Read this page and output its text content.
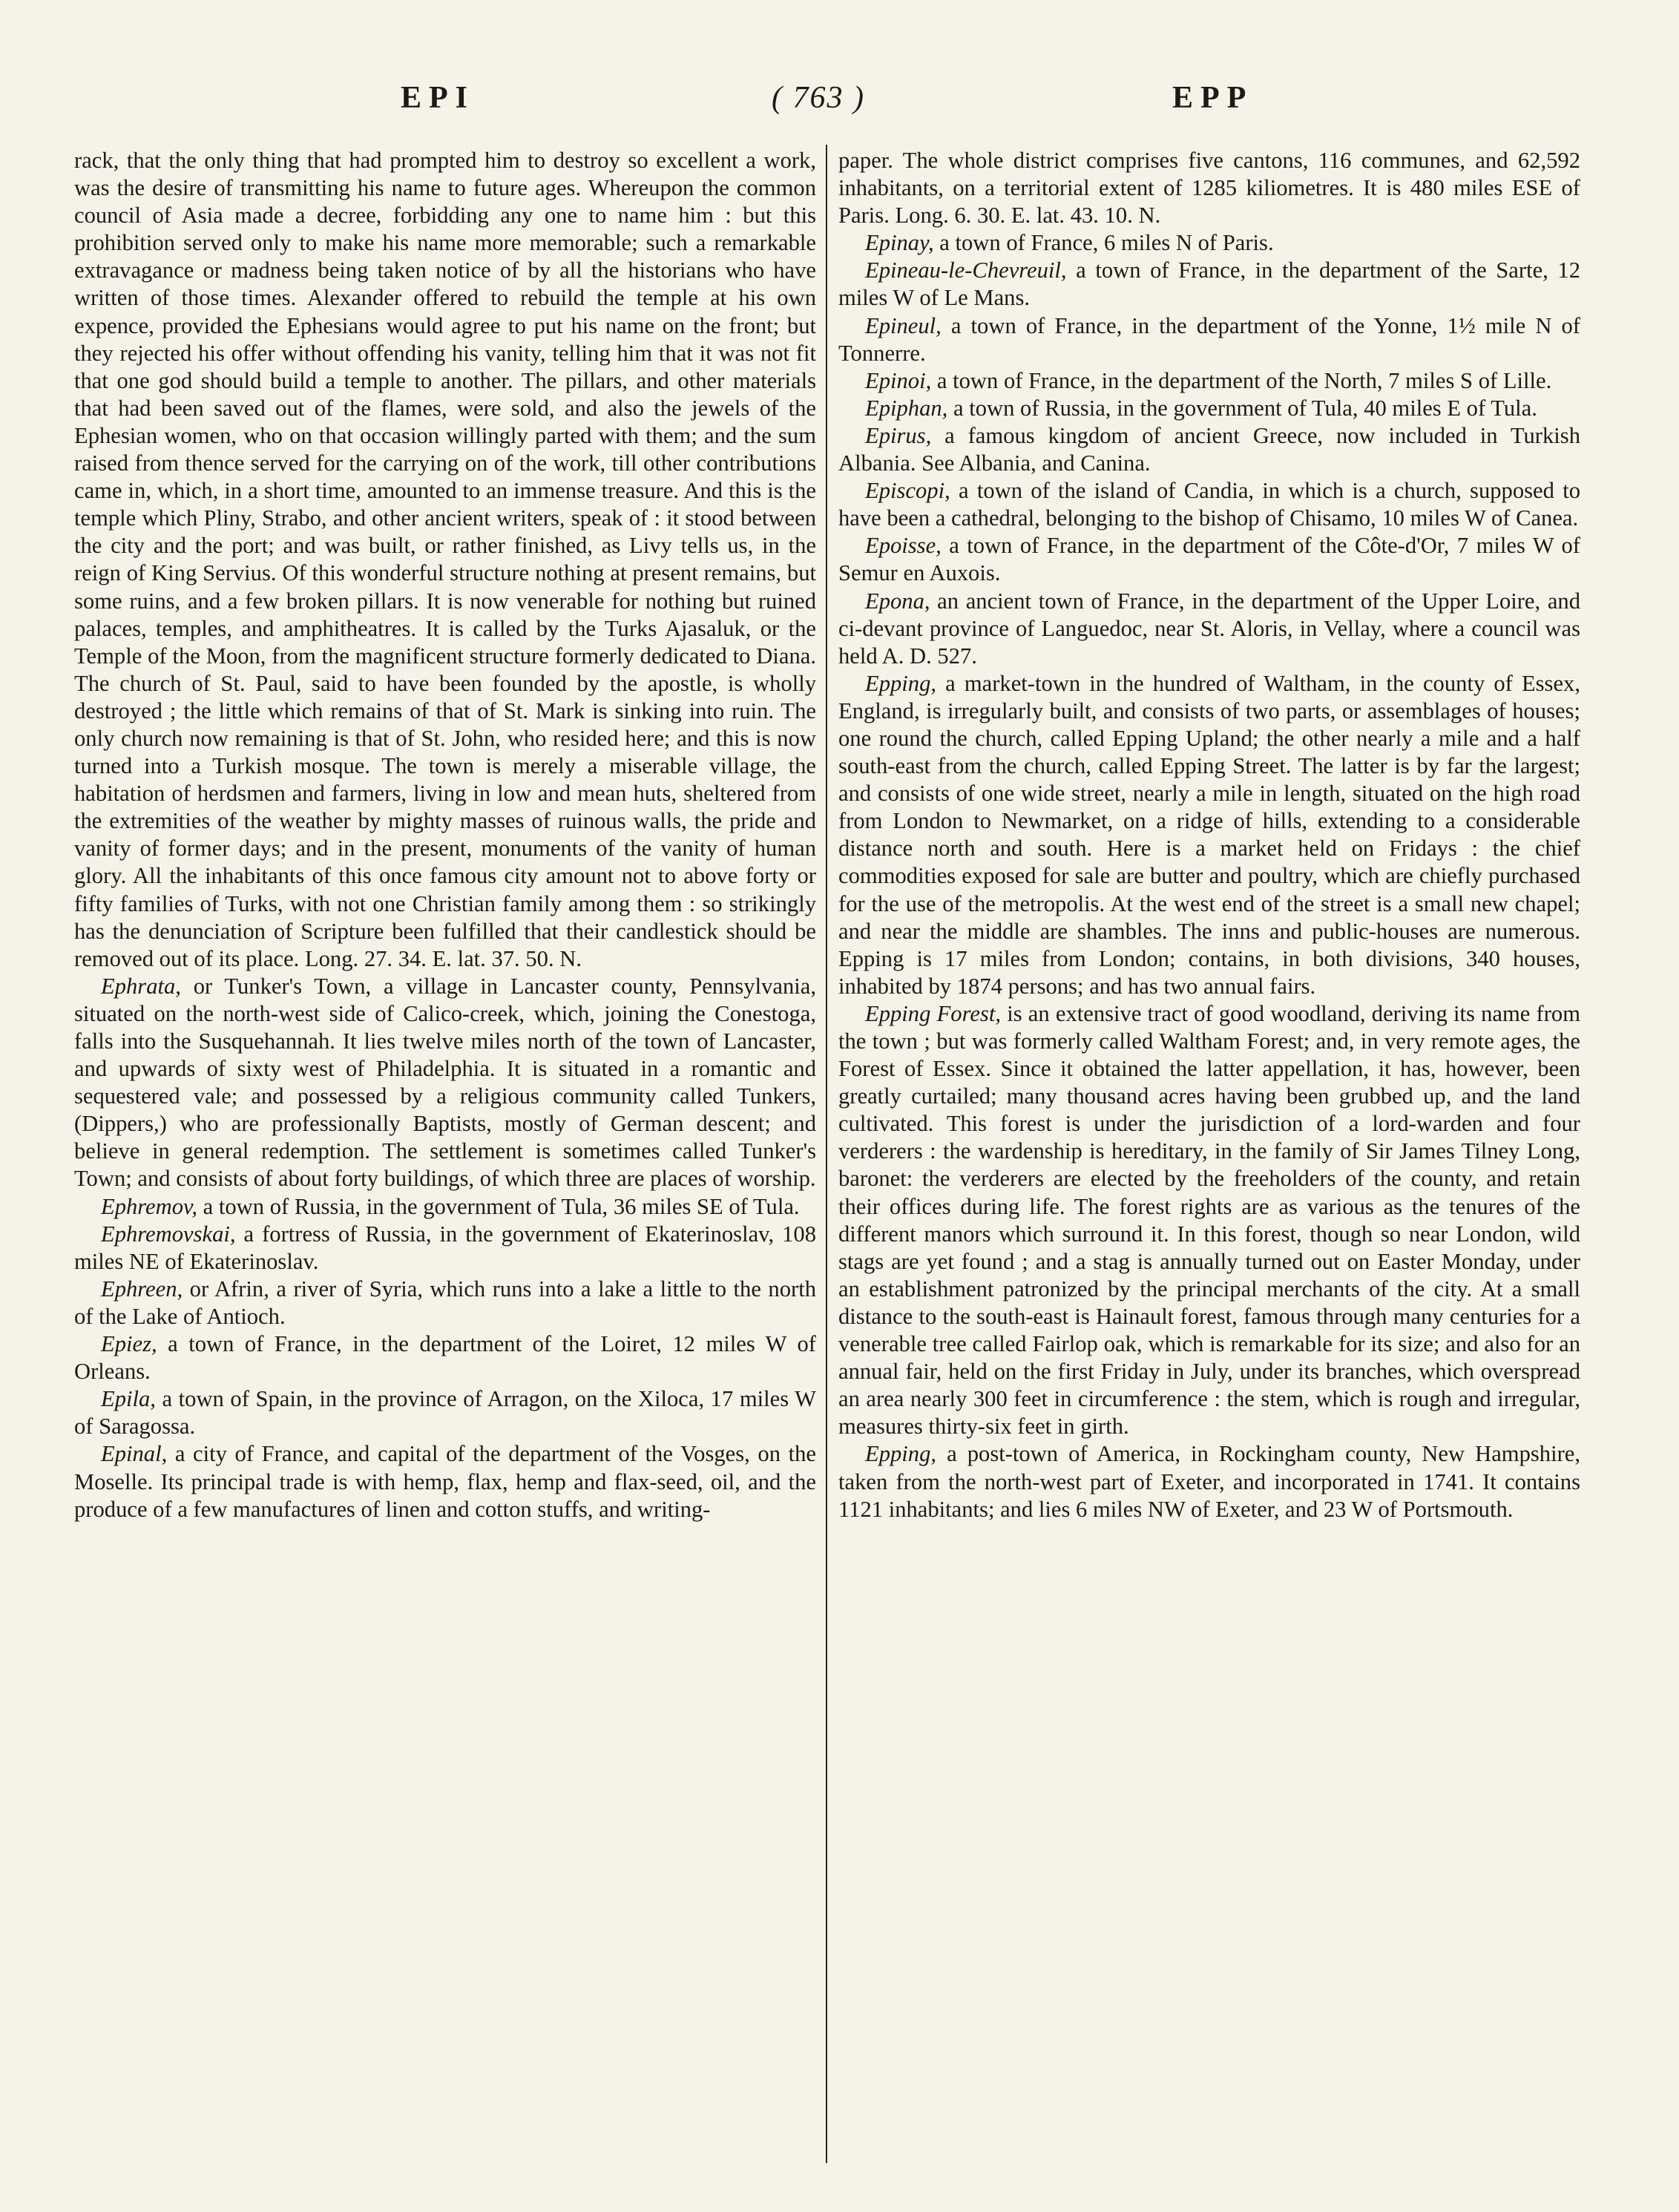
EPI	( 763 )	EPP

rack, that the only thing that had prompted him to destroy so excellent a work, was the desire of transmitting his name to future ages. Whereupon the common council of Asia made a decree, forbidding any one to name him : but this prohibition served only to make his name more memorable; such a remarkable extravagance or madness being taken notice of by all the historians who have written of those times. Alexander offered to rebuild the temple at his own expence, provided the Ephesians would agree to put his name on the front; but they rejected his offer without offending his vanity, telling him that it was not fit that one god should build a temple to another. The pillars, and other materials that had been saved out of the flames, were sold, and also the jewels of the Ephesian women, who on that occasion willingly parted with them; and the sum raised from thence served for the carrying on of the work, till other contributions came in, which, in a short time, amounted to an immense treasure. And this is the temple which Pliny, Strabo, and other ancient writers, speak of : it stood between the city and the port; and was built, or rather finished, as Livy tells us, in the reign of King Servius. Of this wonderful structure nothing at present remains, but some ruins, and a few broken pillars. It is now venerable for nothing but ruined palaces, temples, and amphitheatres. It is called by the Turks Ajasaluk, or the Temple of the Moon, from the magnificent structure formerly dedicated to Diana. The church of St. Paul, said to have been founded by the apostle, is wholly destroyed ; the little which remains of that of St. Mark is sinking into ruin. The only church now remaining is that of St. John, who resided here; and this is now turned into a Turkish mosque. The town is merely a miserable village, the habitation of herdsmen and farmers, living in low and mean huts, sheltered from the extremities of the weather by mighty masses of ruinous walls, the pride and vanity of former days; and in the present, monuments of the vanity of human glory. All the inhabitants of this once famous city amount not to above forty or fifty families of Turks, with not one Christian family among them : so strikingly has the denunciation of Scripture been fulfilled that their candlestick should be removed out of its place. Long. 27. 34. E. lat. 37. 50. N.

Ephrata, or Tunker's Town, a village in Lancaster county, Pennsylvania, situated on the north-west side of Calico-creek, which, joining the Conestoga, falls into the Susquehannah. It lies twelve miles north of the town of Lancaster, and upwards of sixty west of Philadelphia. It is situated in a romantic and sequestered vale; and possessed by a religious community called Tunkers, (Dippers,) who are professionally Baptists, mostly of German descent; and believe in general redemption. The settlement is sometimes called Tunker's Town; and consists of about forty buildings, of which three are places of worship.

Ephremov, a town of Russia, in the government of Tula, 36 miles SE of Tula.

Ephremovskai, a fortress of Russia, in the government of Ekaterinoslav, 108 miles NE of Ekaterinoslav.

Ephreen, or Afrin, a river of Syria, which runs into a lake a little to the north of the Lake of Antioch.

Epiez, a town of France, in the department of the Loiret, 12 miles W of Orleans.

Epila, a town of Spain, in the province of Arragon, on the Xiloca, 17 miles W of Saragossa.

Epinal, a city of France, and capital of the department of the Vosges, on the Moselle. Its principal trade is with hemp, flax, hemp and flax-seed, oil, and the produce of a few manufactures of linen and cotton stuffs, and writing-

paper. The whole district comprises five cantons, 116 communes, and 62,592 inhabitants, on a territorial extent of 1285 kiliometres. It is 480 miles ESE of Paris. Long. 6. 30. E. lat. 43. 10. N.

Epinay, a town of France, 6 miles N of Paris.

Epineau-le-Chevreuil, a town of France, in the department of the Sarte, 12 miles W of Le Mans.

Epineul, a town of France, in the department of the Yonne, 1½ mile N of Tonnerre.

Epinoi, a town of France, in the department of the North, 7 miles S of Lille.

Epiphan, a town of Russia, in the government of Tula, 40 miles E of Tula.

Epirus, a famous kingdom of ancient Greece, now included in Turkish Albania. See Albania, and Canina.

Episcopi, a town of the island of Candia, in which is a church, supposed to have been a cathedral, belonging to the bishop of Chisamo, 10 miles W of Canea.

Epoisse, a town of France, in the department of the Côte-d'Or, 7 miles W of Semur en Auxois.

Epona, an ancient town of France, in the department of the Upper Loire, and ci-devant province of Languedoc, near St. Aloris, in Vellay, where a council was held A. D. 527.

Epping, a market-town in the hundred of Waltham, in the county of Essex, England, is irregularly built, and consists of two parts, or assemblages of houses; one round the church, called Epping Upland; the other nearly a mile and a half south-east from the church, called Epping Street. The latter is by far the largest; and consists of one wide street, nearly a mile in length, situated on the high road from London to Newmarket, on a ridge of hills, extending to a considerable distance north and south. Here is a market held on Fridays : the chief commodities exposed for sale are butter and poultry, which are chiefly purchased for the use of the metropolis. At the west end of the street is a small new chapel; and near the middle are shambles. The inns and public-houses are numerous. Epping is 17 miles from London; contains, in both divisions, 340 houses, inhabited by 1874 persons; and has two annual fairs.

Epping Forest, is an extensive tract of good woodland, deriving its name from the town ; but was formerly called Waltham Forest; and, in very remote ages, the Forest of Essex. Since it obtained the latter appellation, it has, however, been greatly curtailed; many thousand acres having been grubbed up, and the land cultivated. This forest is under the jurisdiction of a lord-warden and four verderers : the wardenship is hereditary, in the family of Sir James Tilney Long, baronet: the verderers are elected by the freeholders of the county, and retain their offices during life. The forest rights are as various as the tenures of the different manors which surround it. In this forest, though so near London, wild stags are yet found ; and a stag is annually turned out on Easter Monday, under an establishment patronized by the principal merchants of the city. At a small distance to the south-east is Hainault forest, famous through many centuries for a venerable tree called Fairlop oak, which is remarkable for its size; and also for an annual fair, held on the first Friday in July, under its branches, which overspread an area nearly 300 feet in circumference : the stem, which is rough and irregular, measures thirty-six feet in girth.

Epping, a post-town of America, in Rockingham county, New Hampshire, taken from the north-west part of Exeter, and incorporated in 1741. It contains 1121 inhabitants; and lies 6 miles NW of Exeter, and 23 W of Portsmouth.
